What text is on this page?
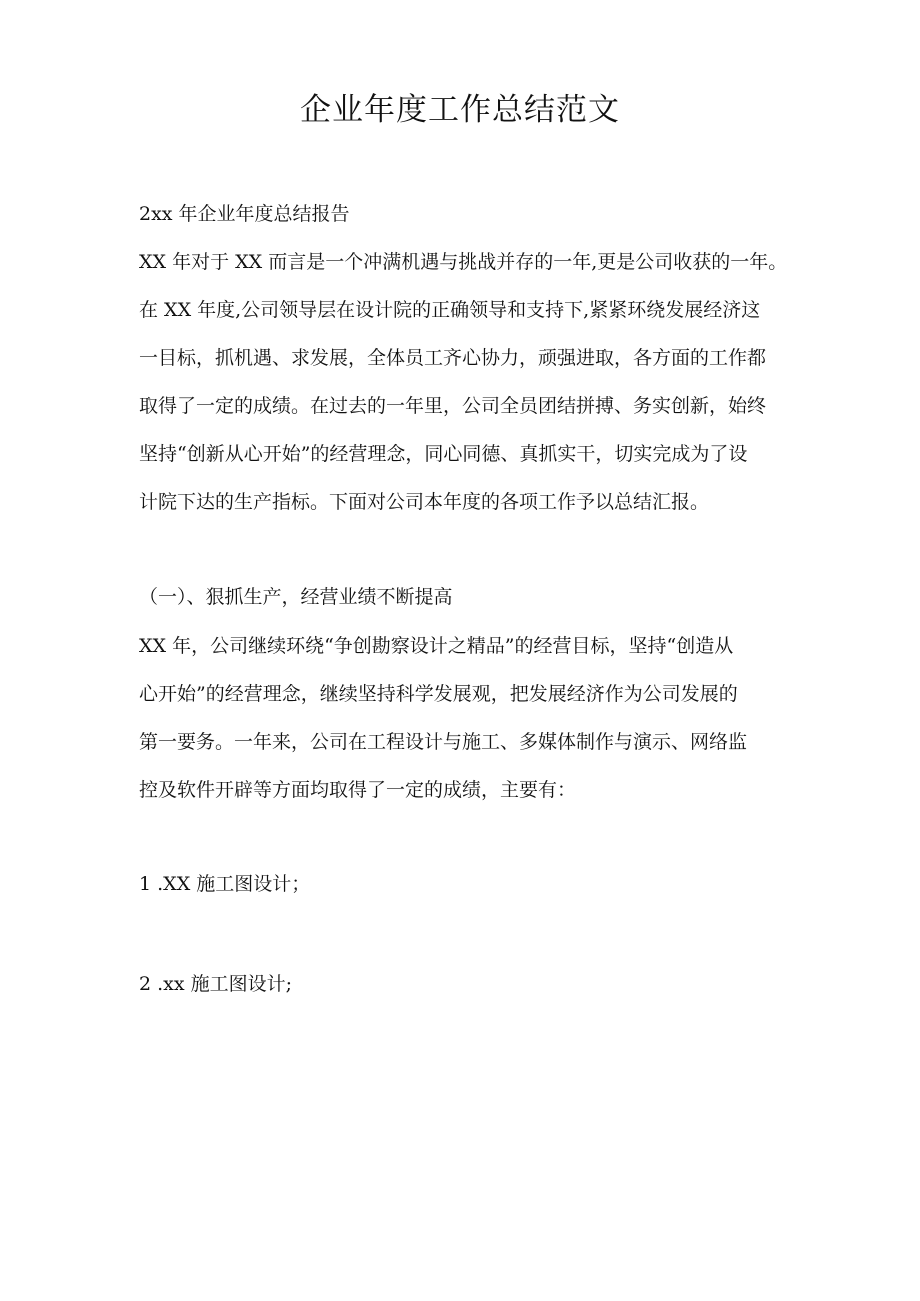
企业年度工作总结范文

2xx 年企业年度总结报告

XX 年对于 XX 而言是一个冲满机遇与挑战并存的一年,更是公司收获的一年。

在 XX 年度,公司领导层在设计院的正确领导和支持下,紧紧环绕发展经济这

一目标，抓机遇、求发展，全体员工齐心协力，顽强进取，各方面的工作都

取得了一定的成绩。在过去的一年里，公司全员团结拼搏、务实创新，始终

坚持“创新从心开始”的经营理念，同心同德、真抓实干，切实完成为了设

计院下达的生产指标。下面对公司本年度的各项工作予以总结汇报。

（一）、狠抓生产，经营业绩不断提高

XX 年，公司继续环绕“争创勘察设计之精品”的经营目标，坚持“创造从

心开始”的经营理念，继续坚持科学发展观，把发展经济作为公司发展的

第一要务。一年来，公司在工程设计与施工、多媒体制作与演示、网络监

控及软件开辟等方面均取得了一定的成绩，主要有：

1 .XX 施工图设计；

2 .xx 施工图设计;
